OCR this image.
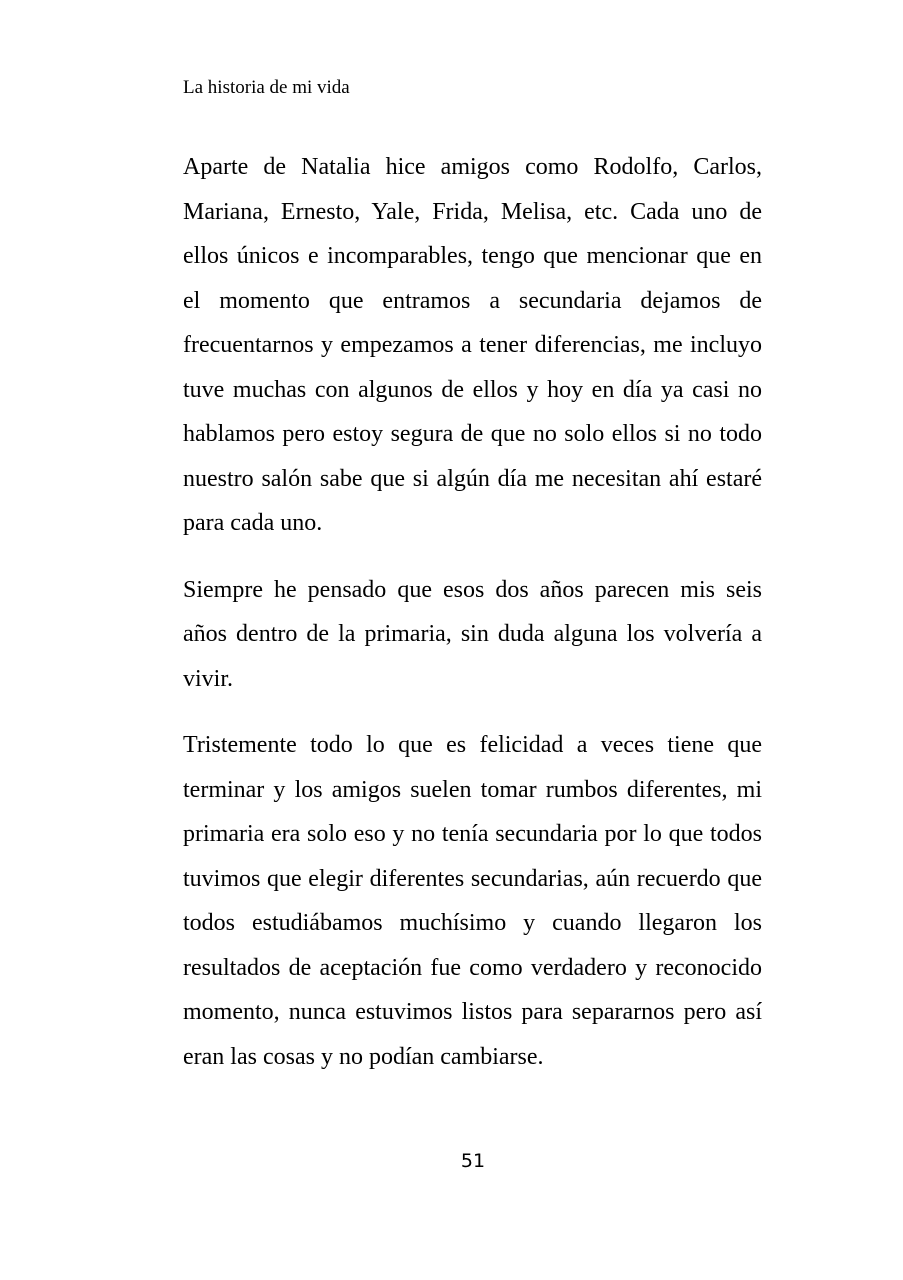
La historia de mi vida

Aparte de Natalia hice amigos como Rodolfo, Carlos, Mariana, Ernesto, Yale, Frida, Melisa, etc. Cada uno de ellos únicos e incomparables, tengo que mencionar que en el momento que entramos a secundaria dejamos de frecuentarnos y empezamos a tener diferencias, me incluyo tuve muchas con algunos de ellos y hoy en día ya casi no hablamos pero estoy segura de que no solo ellos si no todo nuestro salón sabe que si algún día me necesitan ahí estaré para cada uno.

Siempre he pensado que esos dos años parecen mis seis años dentro de la primaria, sin duda alguna los volvería a vivir.

Tristemente todo lo que es felicidad a veces tiene que terminar y los amigos suelen tomar rumbos diferentes, mi primaria era solo eso y no tenía secundaria por lo que todos tuvimos que elegir diferentes secundarias, aún recuerdo que todos estudiábamos muchísimo y cuando llegaron los resultados de aceptación fue como verdadero y reconocido momento, nunca estuvimos listos para separarnos pero así eran las cosas y no podían cambiarse.

51
